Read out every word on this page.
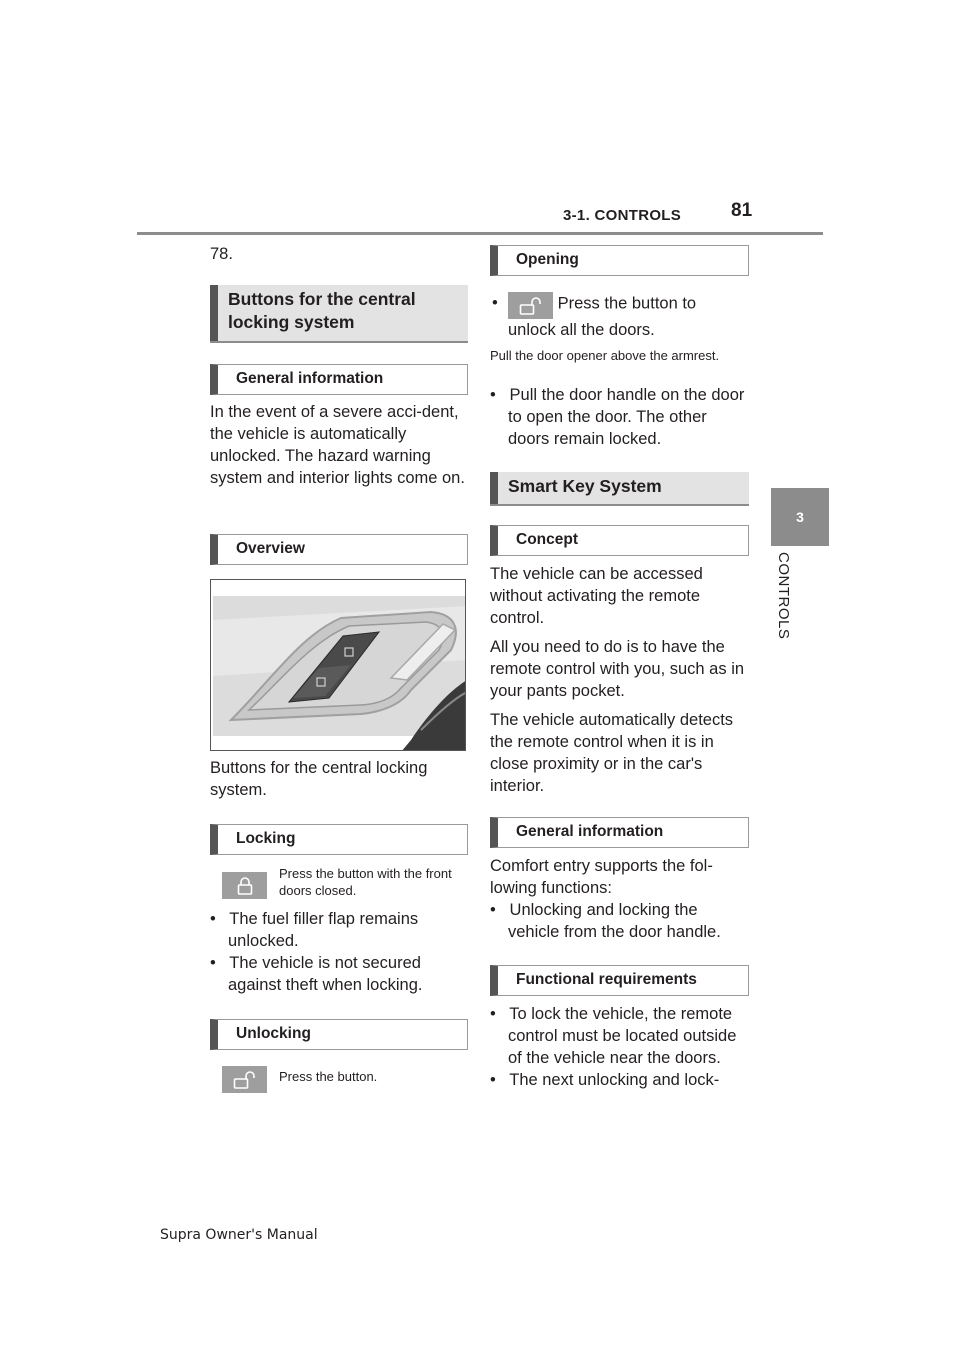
3-1. CONTROLS	81
3
CONTROLS
78.
Buttons for the central locking system
General information
In the event of a severe acci-dent, the vehicle is automatically unlocked. The hazard warning system and interior lights come on.
Overview
Buttons for the central locking system.
Locking
Press the button with the front doors closed.
•   The fuel filler flap remains unlocked.
•   The vehicle is not secured against theft when locking.
Unlocking
Press the button.
Opening
•	Press the button to unlock all the doors.
Pull the door opener above the armrest.
•   Pull the door handle on the door to open the door. The other doors remain locked.
Smart Key System
Concept
The vehicle can be accessed without activating the remote control.
All you need to do is to have the remote control with you, such as in your pants pocket.
The vehicle automatically detects the remote control when it is in close proximity or in the car's interior.
General information
Comfort entry supports the fol-lowing functions:
•   Unlocking and locking the vehicle from the door handle.
Functional requirements
•   To lock the vehicle, the remote control must be located outside of the vehicle near the doors.
•   The next unlocking and lock-
Supra Owner's Manual
